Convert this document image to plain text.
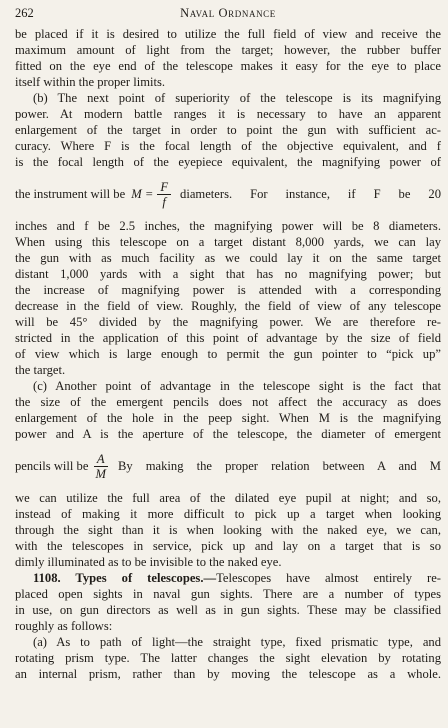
262	Naval Ordnance
be placed if it is desired to utilize the full field of view and receive the
maximum amount of light from the target; however, the rubber buffer
fitted on the eye end of the telescope makes it easy for the eye to place
itself within the proper limits.
(b) The next point of superiority of the telescope is its magnifying
power. At modern battle ranges it is necessary to have an apparent
enlargement of the target in order to point the gun with sufficient ac-
curacy. Where F is the focal length of the objective equivalent, and f
is the focal length of the eyepiece equivalent, the magnifying power of
the instrument will be $M = \frac{F}{f}$ diameters. For instance, if F be 20
inches and f be 2.5 inches, the magnifying power will be 8 diameters.
When using this telescope on a target distant 8,000 yards, we can lay
the gun with as much facility as we could lay it on the same target
distant 1,000 yards with a sight that has no magnifying power; but
the increase of magnifying power is attended with a corresponding
decrease in the field of view. Roughly, the field of view of any telescope
will be 45° divided by the magnifying power. We are therefore re-
stricted in the application of this point of advantage by the size of field
of view which is large enough to permit the gun pointer to “pick up”
the target.
(c) Another point of advantage in the telescope sight is the fact that
the size of the emergent pencils does not affect the accuracy as does
enlargement of the hole in the peep sight. When M is the magnifying
power and A is the aperture of the telescope, the diameter of emergent
pencils will be $\frac{A}{M}$ By making the proper relation between A and M
we can utilize the full area of the dilated eye pupil at night; and so,
instead of making it more difficult to pick up a target when looking
through the sight than it is when looking with the naked eye, we can,
with the telescopes in service, pick up and lay on a target that is so
dimly illuminated as to be invisible to the naked eye.
1108. Types of telescopes.—Telescopes have almost entirely re-
placed open sights in naval gun sights. There are a number of types
in use, on gun directors as well as in gun sights. These may be classified
roughly as follows:
(a) As to path of light—the straight type, fixed prismatic type, and
rotating prism type. The latter changes the sight elevation by rotating
an internal prism, rather than by moving the telescope as a whole.
